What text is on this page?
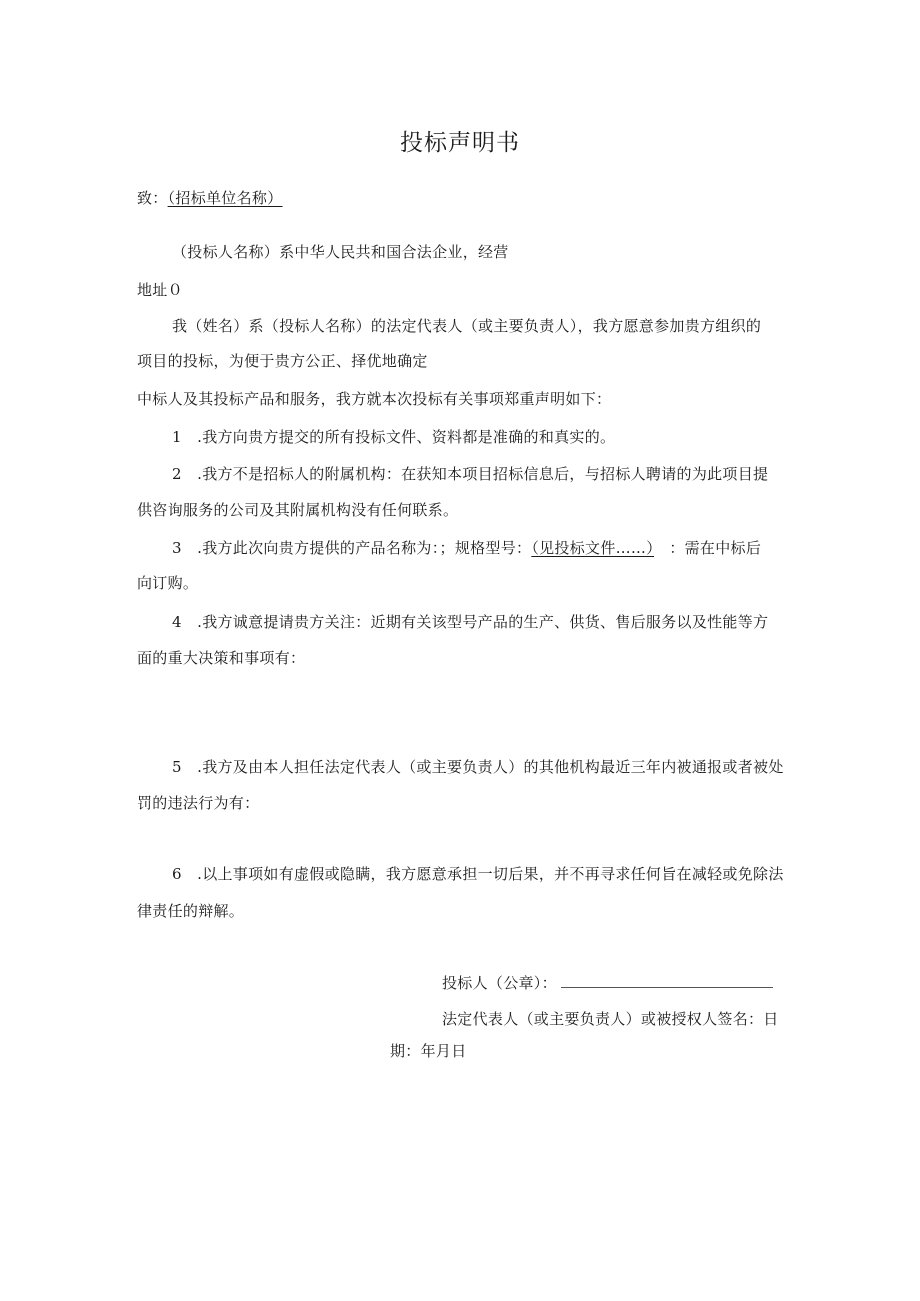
投标声明书
致：（招标单位名称）
（投标人名称）系中华人民共和国合法企业，经营
地址０
我（姓名）系（投标人名称）的法定代表人（或主要负责人），我方愿意参加贵方组织的
项目的投标，为便于贵方公正、择优地确定
中标人及其投标产品和服务，我方就本次投标有关事项郑重声明如下：
1　.我方向贵方提交的所有投标文件、资料都是准确的和真实的。
2　.我方不是招标人的附属机构：在获知本项目招标信息后，与招标人聘请的为此项目提
供咨询服务的公司及其附属机构没有任何联系。
3　.我方此次向贵方提供的产品名称为：；规格型号：（见投标文件……）　：需在中标后
向订购。
4　.我方诚意提请贵方关注：近期有关该型号产品的生产、供货、售后服务以及性能等方
面的重大决策和事项有：
5　.我方及由本人担任法定代表人（或主要负责人）的其他机构最近三年内被通报或者被处
罚的违法行为有：
6　.以上事项如有虚假或隐瞒，我方愿意承担一切后果，并不再寻求任何旨在减轻或免除法
律责任的辩解。
投标人（公章）：
法定代表人（或主要负责人）或被授权人签名：日
期：年月日
